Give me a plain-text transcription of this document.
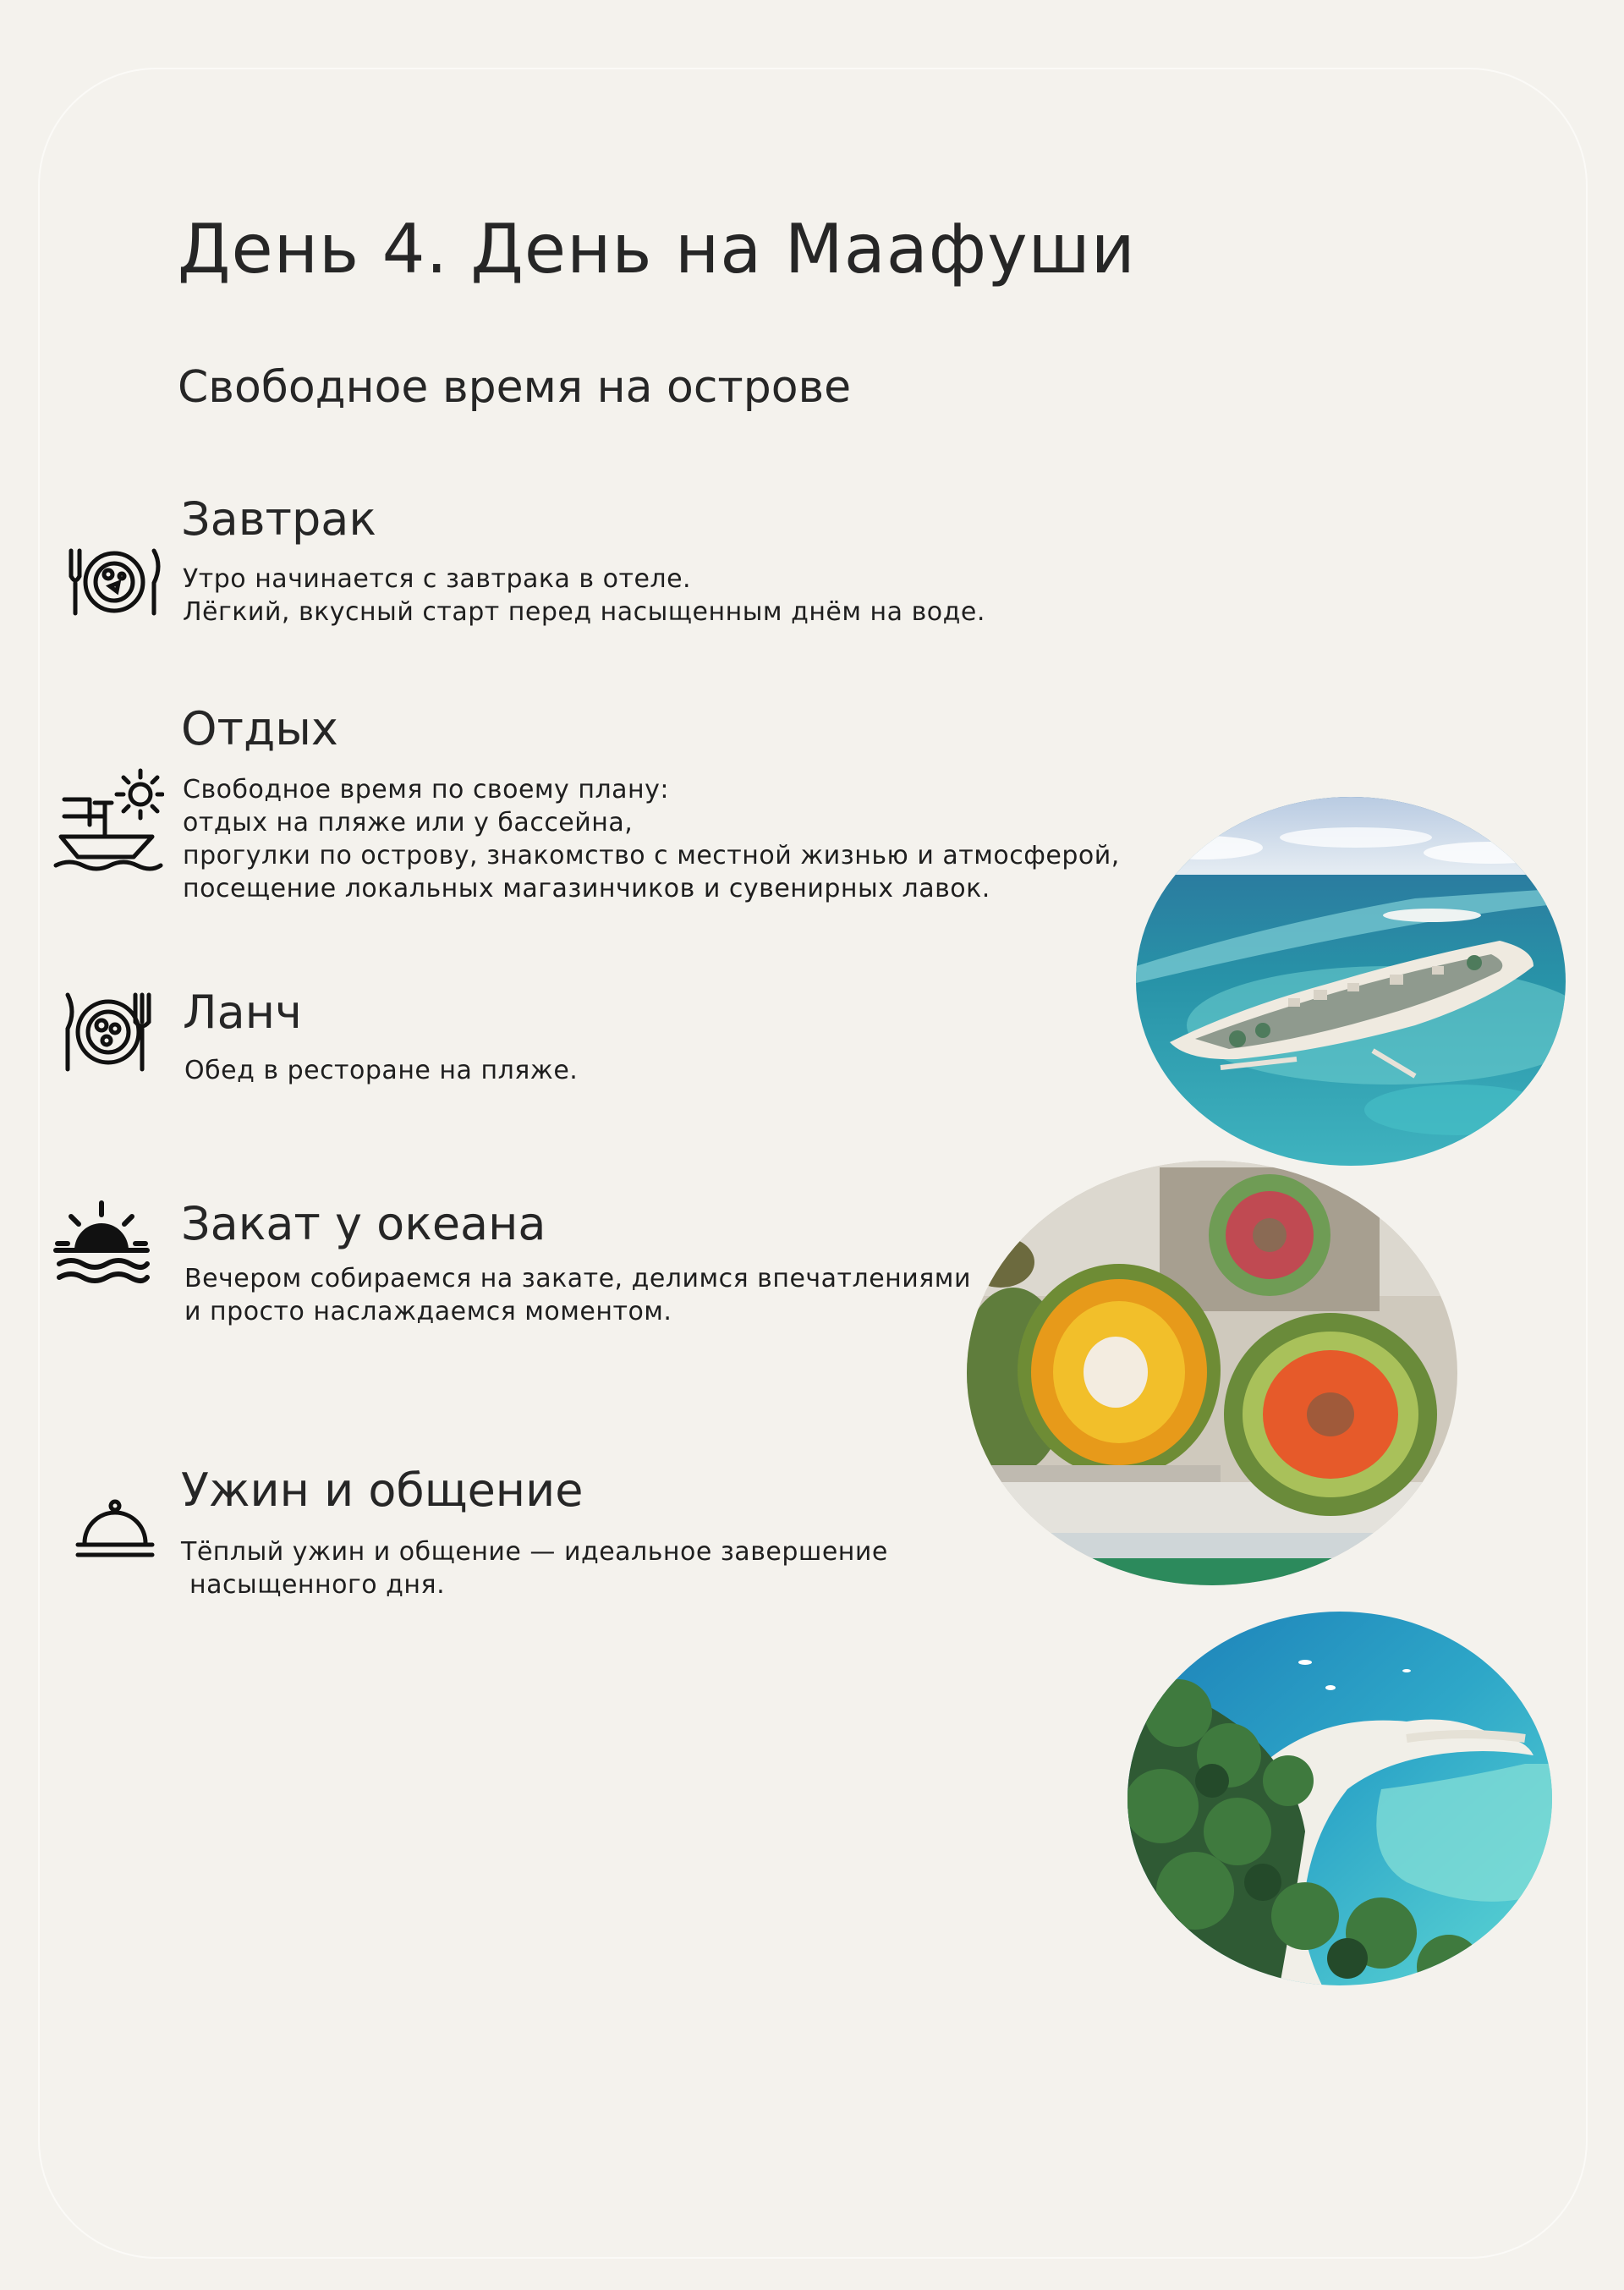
День 4. День на Маафуши
Свободное время на острове
Завтрак
Утро начинается с завтрака в отеле.
Лёгкий, вкусный старт перед насыщенным днём на воде.
Отдых
Свободное время по своему плану:
отдых на пляже или у бассейна,
прогулки по острову, знакомство с местной жизнью и атмосферой,
посещение локальных магазинчиков и сувенирных лавок.
Ланч
Обед в ресторане на пляже.
Закат у океана
Вечером собираемся на закате, делимся впечатлениями
и просто наслаждаемся моментом.
Ужин и общение
Тёплый ужин и общение — идеальное завершение
насыщенного дня.
